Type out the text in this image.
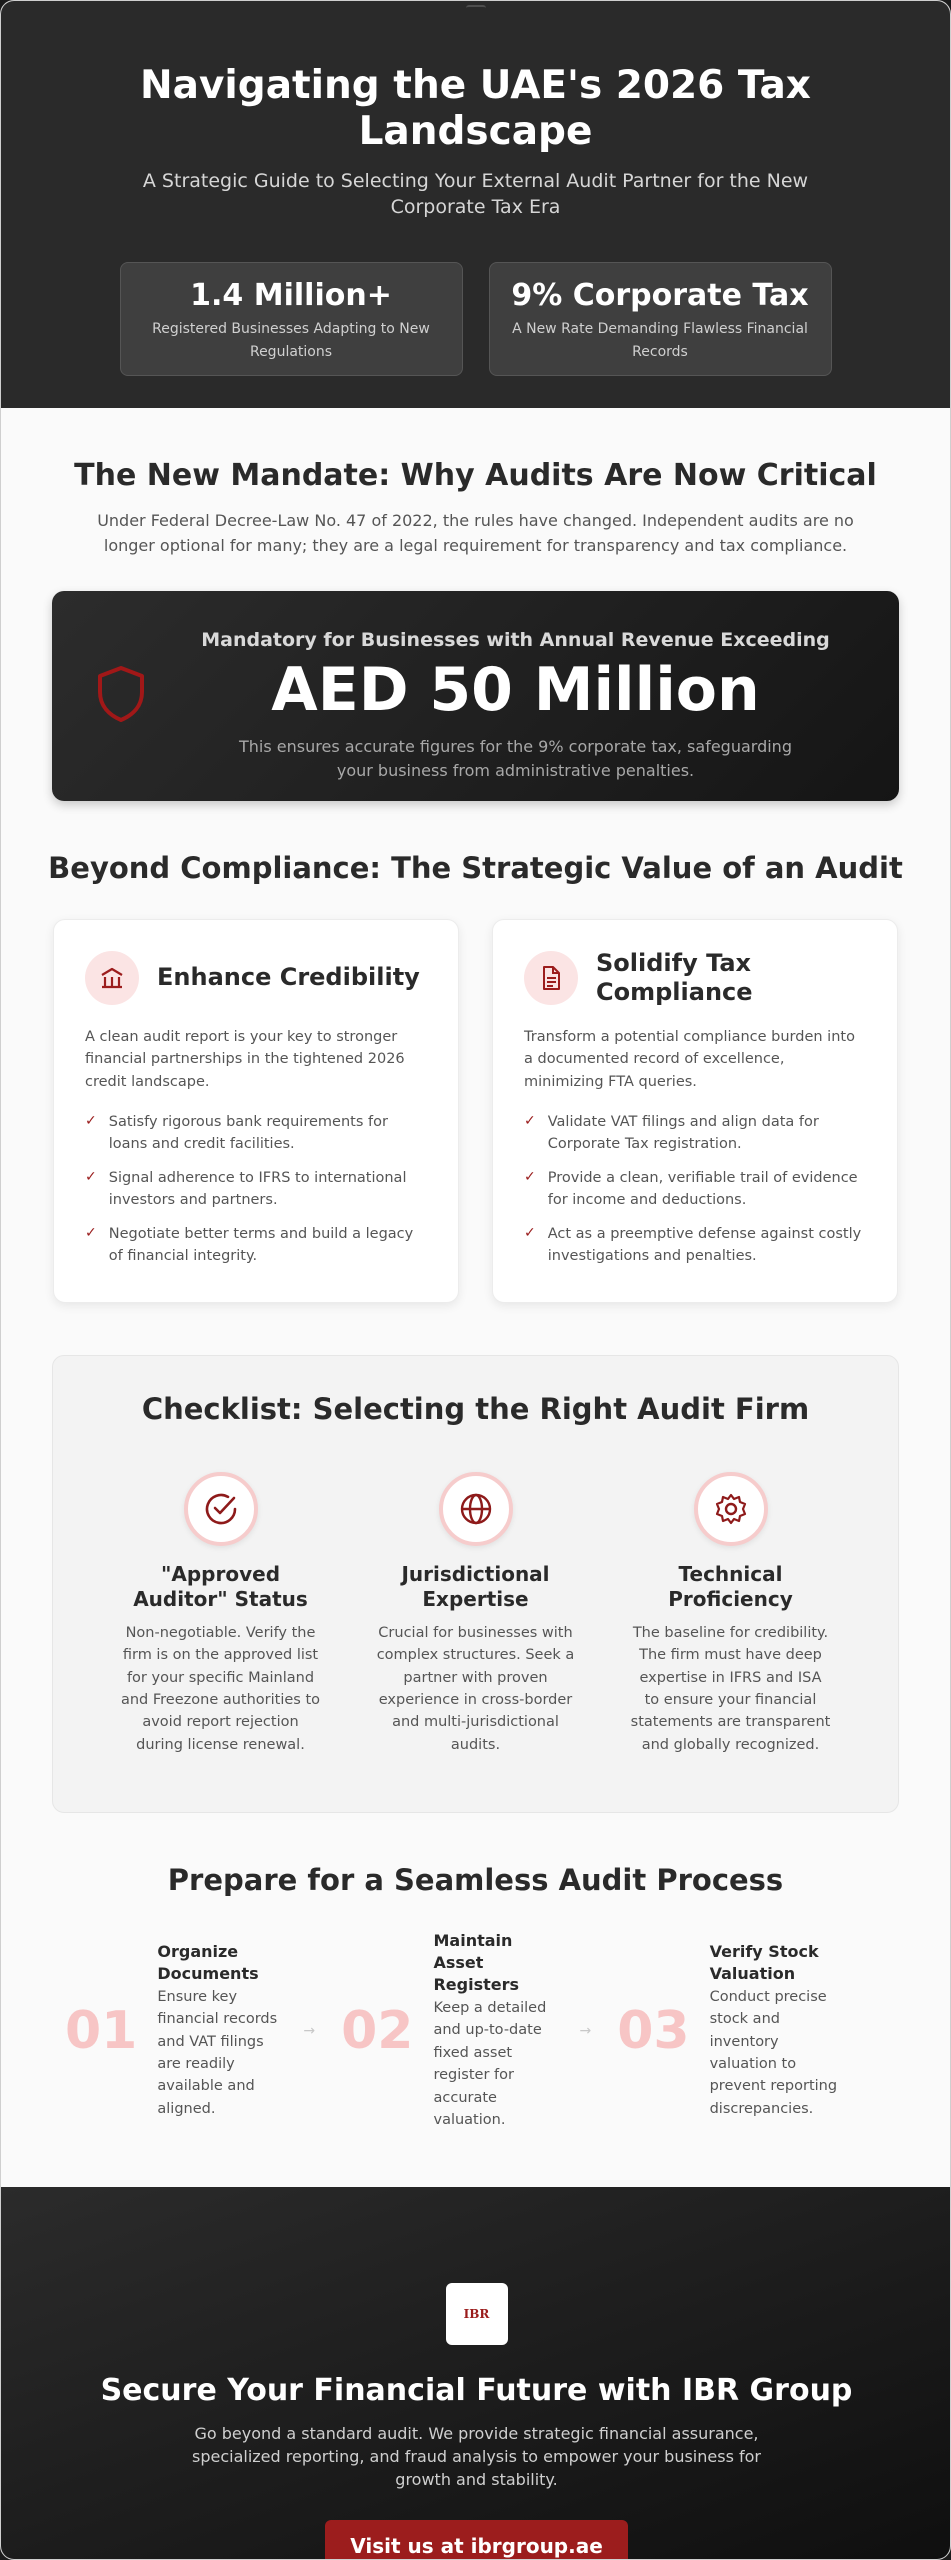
Navigating the UAE's 2026 Tax Landscape

A Strategic Guide to Selecting Your External Audit Partner for the New Corporate Tax Era

1.4 Million+
Registered Businesses Adapting to New Regulations
9% Corporate Tax
A New Rate Demanding Flawless Financial Records
The New Mandate: Why Audits Are Now Critical

Under Federal Decree-Law No. 47 of 2022, the rules have changed. Independent audits are no longer optional for many; they are a legal requirement for transparency and tax compliance.

Mandatory for Businesses with Annual Revenue Exceeding
AED 50 Million

This ensures accurate figures for the 9% corporate tax, safeguarding your business from administrative penalties.

Beyond Compliance: The Strategic Value of an Audit
Enhance Credibility

A clean audit report is your key to stronger financial partnerships in the tightened 2026 credit landscape.

✓ Satisfy rigorous bank requirements for loans and credit facilities.
✓ Signal adherence to IFRS to international investors and partners.
✓ Negotiate better terms and build a legacy of financial integrity.
Solidify Tax Compliance

Transform a potential compliance burden into a documented record of excellence, minimizing FTA queries.

✓ Validate VAT filings and align data for Corporate Tax registration.
✓ Provide a clean, verifiable trail of evidence for income and deductions.
✓ Act as a preemptive defense against costly investigations and penalties.
Checklist: Selecting the Right Audit Firm
"Approved Auditor" Status

Non-negotiable. Verify the firm is on the approved list for your specific Mainland and Freezone authorities to avoid report rejection during license renewal.

Jurisdictional Expertise

Crucial for businesses with complex structures. Seek a partner with proven experience in cross-border and multi-jurisdictional audits.

Technical Proficiency

The baseline for credibility. The firm must have deep expertise in IFRS and ISA to ensure your financial statements are transparent and globally recognized.

Prepare for a Seamless Audit Process
01
Organize Documents
Ensure key financial records and VAT filings are readily available and aligned.
→ 02
Maintain Asset Registers
Keep a detailed and up-to-date fixed asset register for accurate valuation.
→ 03
Verify Stock Valuation
Conduct precise stock and inventory valuation to prevent reporting discrepancies.
IBR
Secure Your Financial Future with IBR Group

Go beyond a standard audit. We provide strategic financial assurance, specialized reporting, and fraud analysis to empower your business for growth and stability.

Visit us at ibrgroup.ae
